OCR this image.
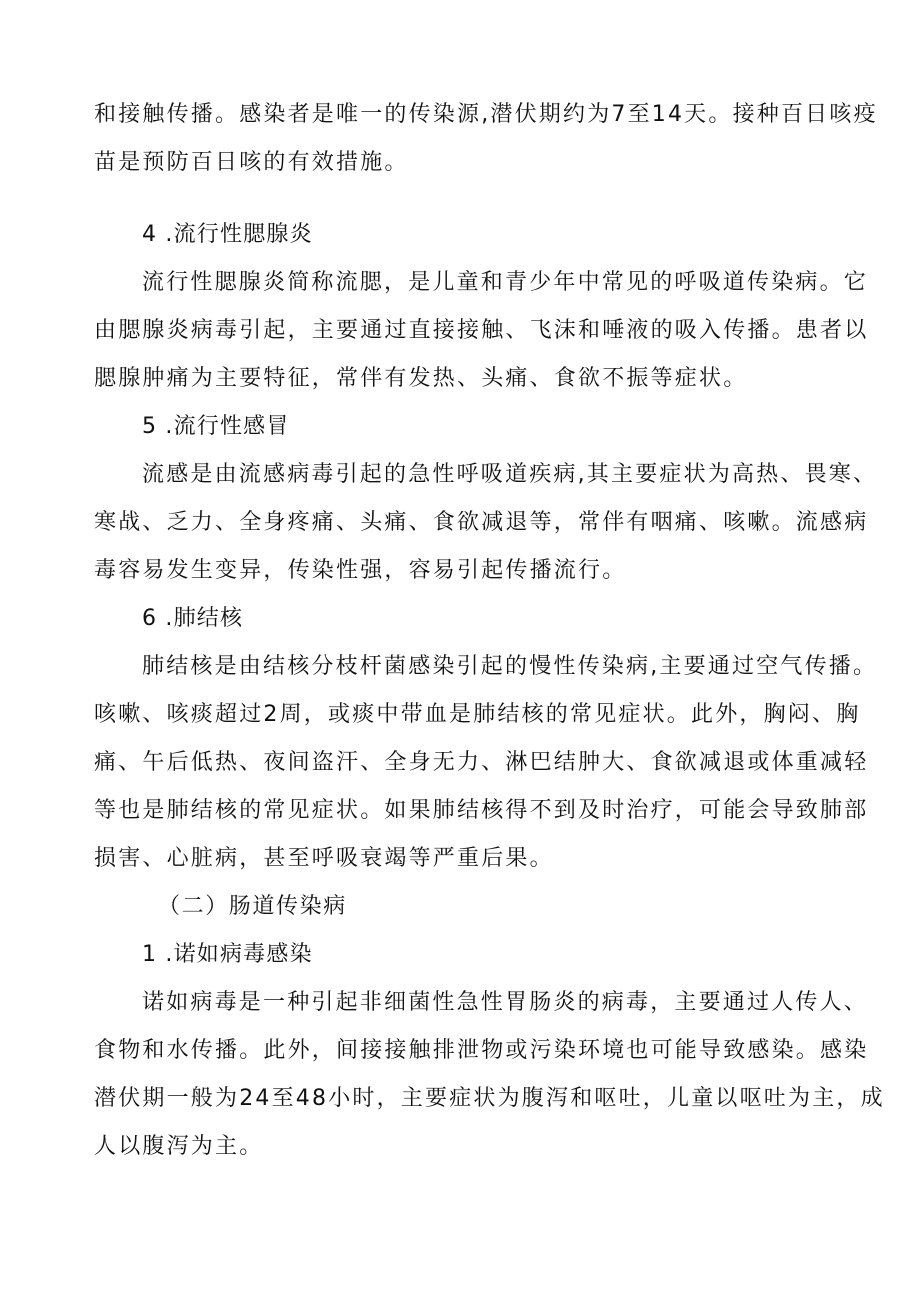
和接触传播。感染者是唯一的传染源,潜伏期约为7至14天。接种百日咳疫
苗是预防百日咳的有效措施。
4 .流行性腮腺炎
流行性腮腺炎简称流腮，是儿童和青少年中常见的呼吸道传染病。它
由腮腺炎病毒引起，主要通过直接接触、飞沫和唾液的吸入传播。患者以
腮腺肿痛为主要特征，常伴有发热、头痛、食欲不振等症状。
5 .流行性感冒
流感是由流感病毒引起的急性呼吸道疾病,其主要症状为高热、畏寒、
寒战、乏力、全身疼痛、头痛、食欲减退等，常伴有咽痛、咳嗽。流感病
毒容易发生变异，传染性强，容易引起传播流行。
6 .肺结核
肺结核是由结核分枝杆菌感染引起的慢性传染病,主要通过空气传播。
咳嗽、咳痰超过2周，或痰中带血是肺结核的常见症状。此外，胸闷、胸
痛、午后低热、夜间盗汗、全身无力、淋巴结肿大、食欲减退或体重减轻
等也是肺结核的常见症状。如果肺结核得不到及时治疗，可能会导致肺部
损害、心脏病，甚至呼吸衰竭等严重后果。
（二）肠道传染病
1 .诺如病毒感染
诺如病毒是一种引起非细菌性急性胃肠炎的病毒，主要通过人传人、
食物和水传播。此外，间接接触排泄物或污染环境也可能导致感染。感染
潜伏期一般为24至48小时，主要症状为腹泻和呕吐，儿童以呕吐为主，成
人以腹泻为主。
